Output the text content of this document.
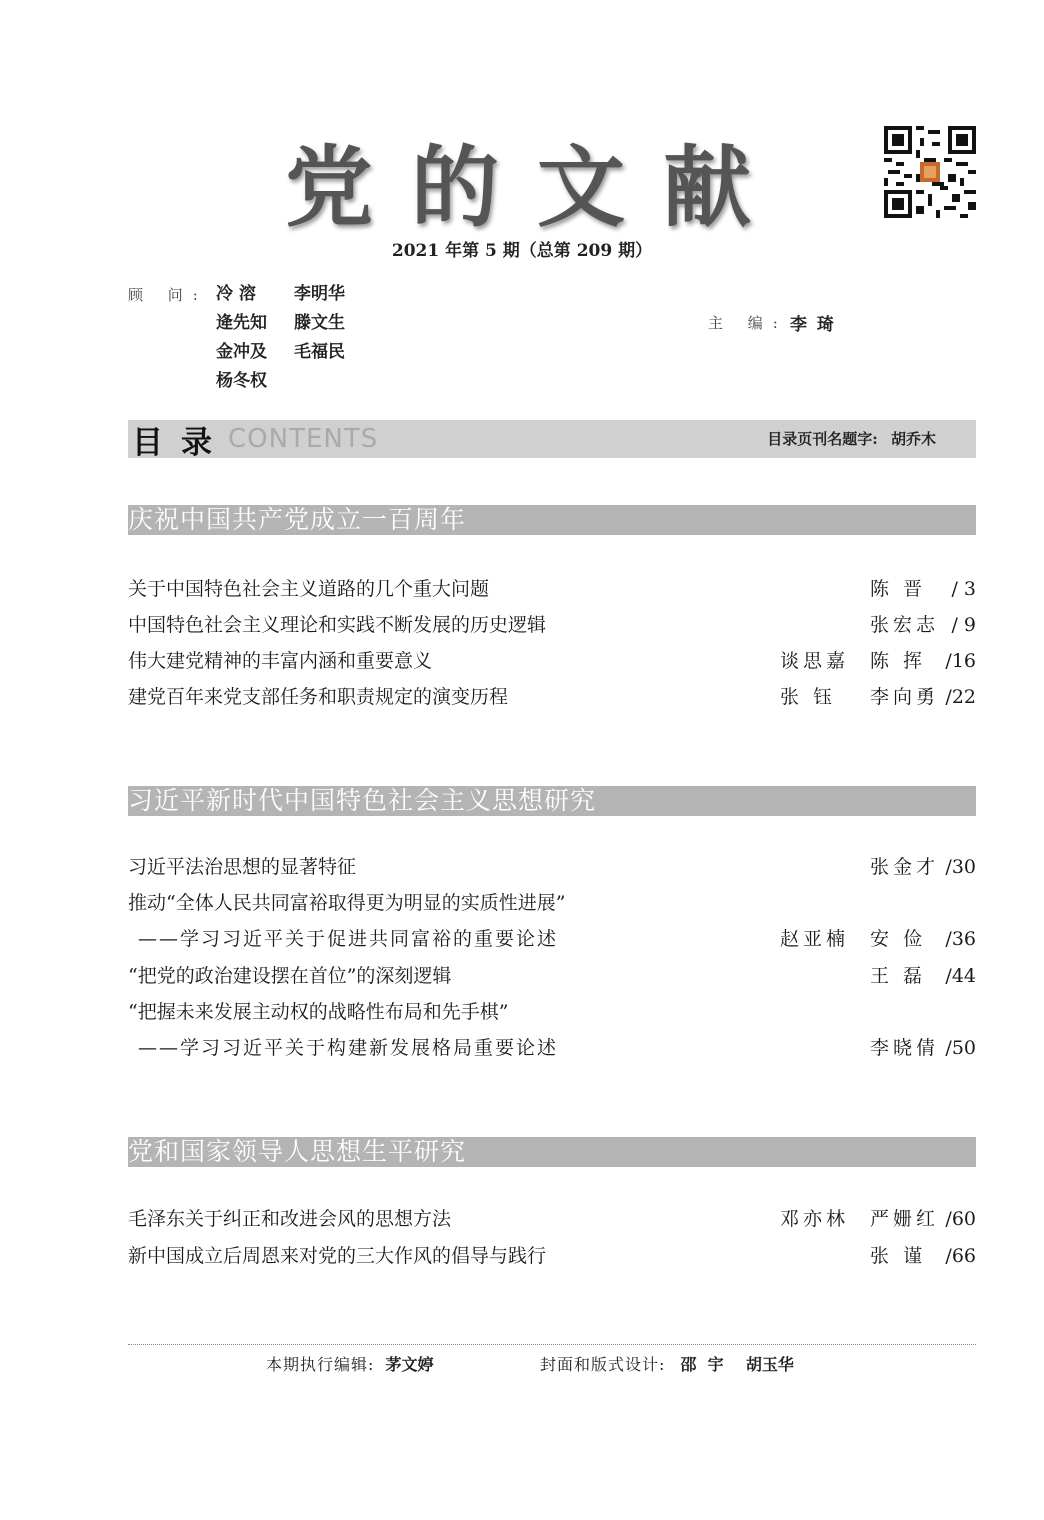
党的文献
2021 年第 5 期（总第 209 期）
顾 问: 冷 溶	李明华
逄先知	滕文生
金冲及	毛福民
杨冬权
主 编: 李 琦
目录
CONTENTS	目录页刊名题字: 胡乔木
庆祝中国共产党成立一百周年
关于中国特色社会主义道路的几个重大问题	陈 晋 / 3
中国特色社会主义理论和实践不断发展的历史逻辑	张宏志 / 9
伟大建党精神的丰富内涵和重要意义	谈思嘉 陈 挥 /16
建党百年来党支部任务和职责规定的演变历程	张 钰 李向勇 /22
习近平新时代中国特色社会主义思想研究
习近平法治思想的显著特征	张金才 /30
推动“全体人民共同富裕取得更为明显的实质性进展”
——学习习近平关于促进共同富裕的重要论述	赵亚楠 安 俭 /36
“把党的政治建设摆在首位”的深刻逻辑	王 磊 /44
“把握未来发展主动权的战略性布局和先手棋”
——学习习近平关于构建新发展格局重要论述	李晓倩 /50
党和国家领导人思想生平研究
毛泽东关于纠正和改进会风的思想方法	邓亦林 严姗红 /60
新中国成立后周恩来对党的三大作风的倡导与践行	张 谨 /66
本期执行编辑: 茅文婷	封面和版式设计: 邵  宇    胡玉华
